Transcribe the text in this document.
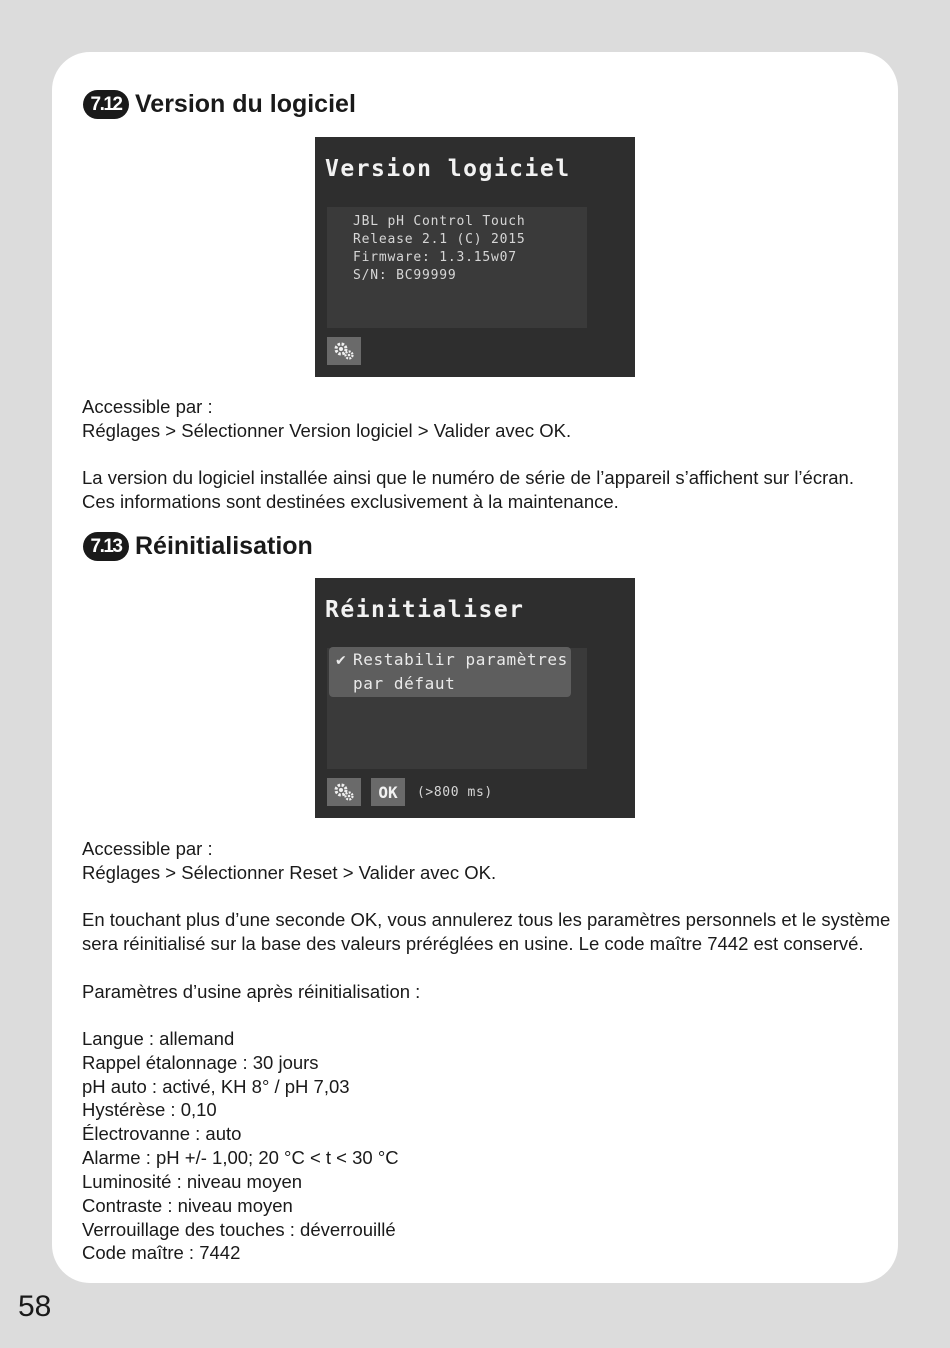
7.12 Version du logiciel
Version logiciel
JBL pH Control Touch
Release 2.1 (C) 2015
Firmware: 1.3.15w07
S/N: BC99999
Accessible par :
Réglages > Sélectionner Version logiciel > Valider avec OK.
La version du logiciel installée ainsi que le numéro de série de l’appareil s’affichent sur l’écran.
Ces informations sont destinées exclusivement à la maintenance.
7.13 Réinitialisation
Réinitialiser
✔ Restabilir paramètres
par défaut
OK	(>800 ms)
Accessible par :
Réglages > Sélectionner Reset > Valider avec OK.
En touchant plus d’une seconde OK, vous annulerez tous les paramètres personnels et le système
sera réinitialisé sur la base des valeurs préréglées en usine. Le code maître 7442 est conservé.
Paramètres d’usine après réinitialisation :
Langue : allemand
Rappel étalonnage : 30 jours
pH auto : activé, KH 8° / pH 7,03
Hystérèse : 0,10
Électrovanne : auto
Alarme : pH +/- 1,00; 20 °C < t < 30 °C
Luminosité : niveau moyen
Contraste : niveau moyen
Verrouillage des touches : déverrouillé
Code maître : 7442
58
